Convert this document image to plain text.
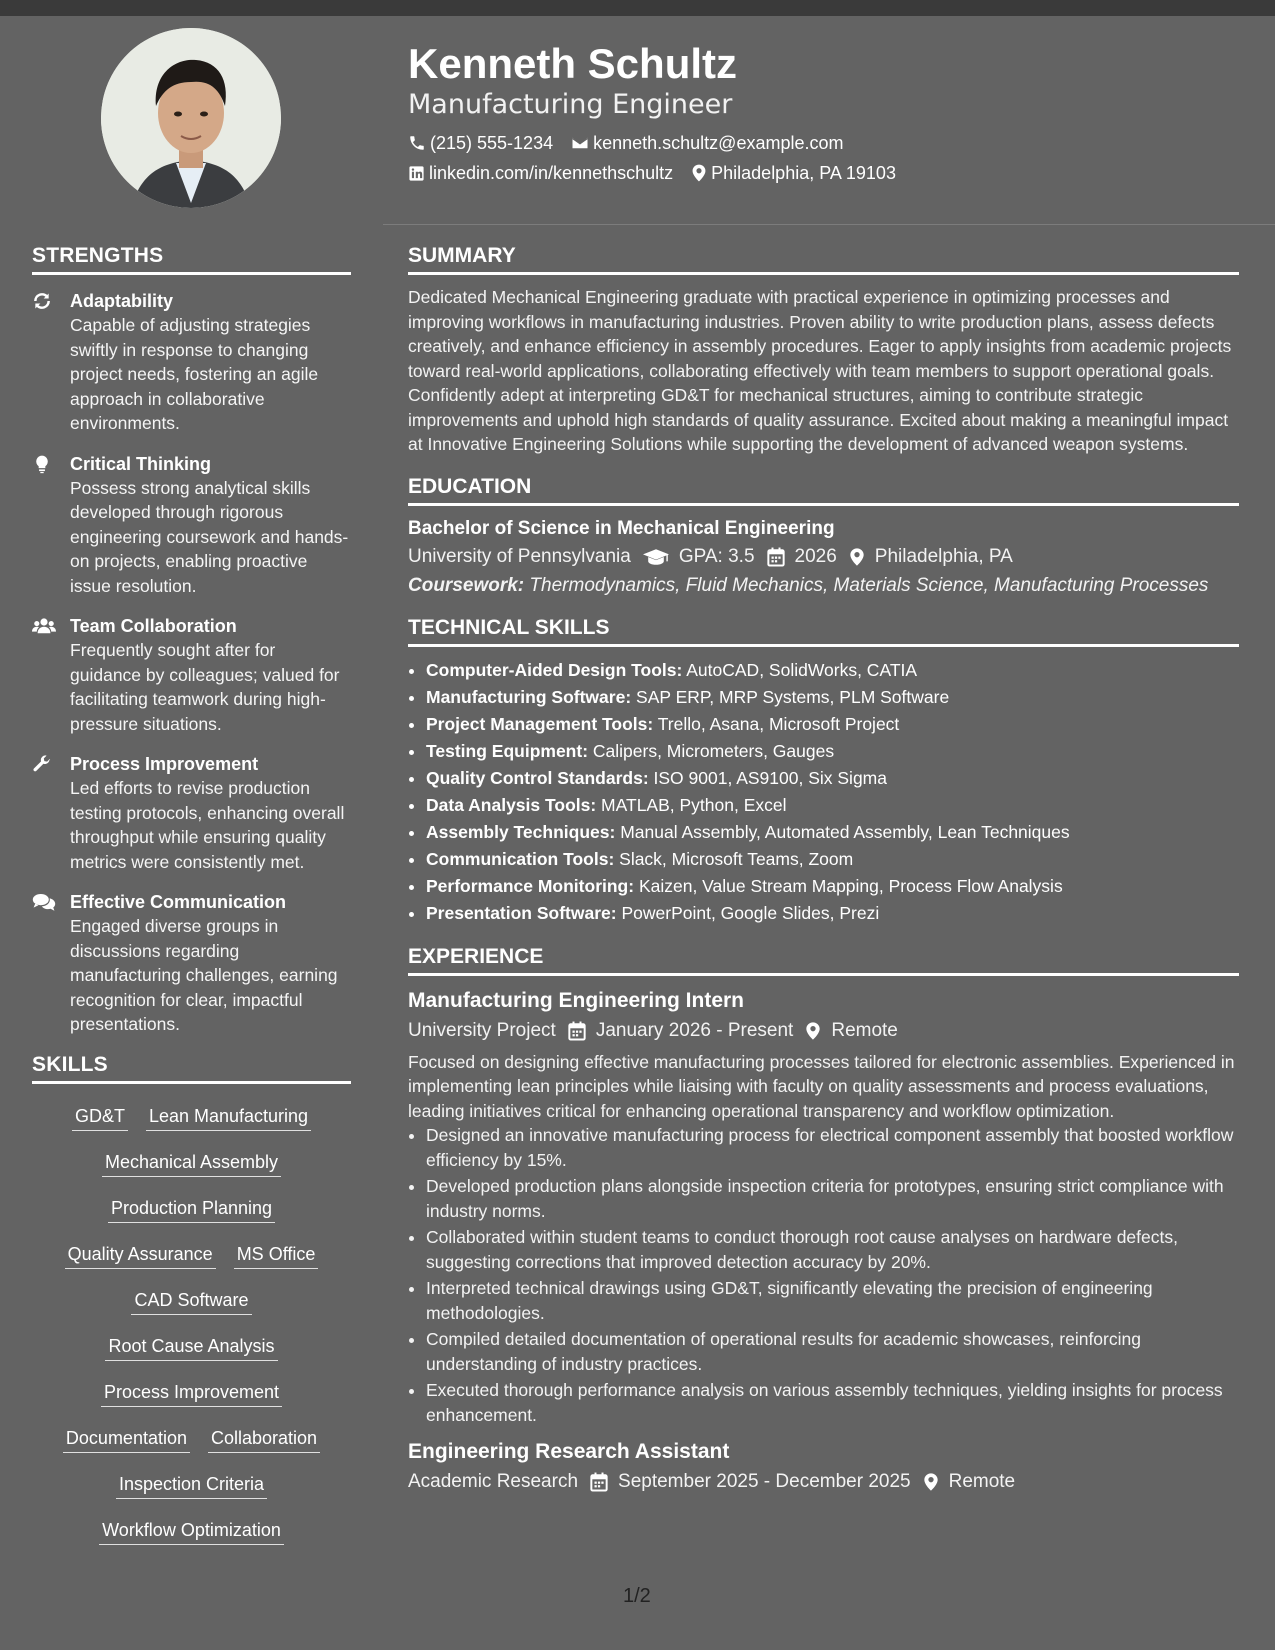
Kenneth Schultz
Manufacturing Engineer
(215) 555-1234 kenneth.schultz@example.com
linkedin.com/in/kennethschultz Philadelphia, PA 19103
STRENGTHS
Adaptability
Capable of adjusting strategies swiftly in response to changing project needs, fostering an agile approach in collaborative environments.
Critical Thinking
Possess strong analytical skills developed through rigorous engineering coursework and hands-on projects, enabling proactive issue resolution.
Team Collaboration
Frequently sought after for guidance by colleagues; valued for facilitating teamwork during high-pressure situations.
Process Improvement
Led efforts to revise production testing protocols, enhancing overall throughput while ensuring quality metrics were consistently met.
Effective Communication
Engaged diverse groups in discussions regarding manufacturing challenges, earning recognition for clear, impactful presentations.
SKILLS
GD&T Lean Manufacturing
Mechanical Assembly
Production Planning
Quality Assurance MS Office
CAD Software
Root Cause Analysis
Process Improvement
Documentation Collaboration
Inspection Criteria
Workflow Optimization
SUMMARY

Dedicated Mechanical Engineering graduate with practical experience in optimizing processes and improving workflows in manufacturing industries. Proven ability to write production plans, assess defects creatively, and enhance efficiency in assembly procedures. Eager to apply insights from academic projects toward real-world applications, collaborating effectively with team members to support operational goals. Confidently adept at interpreting GD&T for mechanical structures, aiming to contribute strategic improvements and uphold high standards of quality assurance. Excited about making a meaningful impact at Innovative Engineering Solutions while supporting the development of advanced weapon systems.

EDUCATION
Bachelor of Science in Mechanical Engineering
University of Pennsylvania	GPA: 3.5 2026 Philadelphia, PA
Coursework: Thermodynamics, Fluid Mechanics, Materials Science, Manufacturing Processes
TECHNICAL SKILLS
• Computer-Aided Design Tools: AutoCAD, SolidWorks, CATIA
• Manufacturing Software: SAP ERP, MRP Systems, PLM Software
• Project Management Tools: Trello, Asana, Microsoft Project
• Testing Equipment: Calipers, Micrometers, Gauges
• Quality Control Standards: ISO 9001, AS9100, Six Sigma
• Data Analysis Tools: MATLAB, Python, Excel
• Assembly Techniques: Manual Assembly, Automated Assembly, Lean Techniques
• Communication Tools: Slack, Microsoft Teams, Zoom
• Performance Monitoring: Kaizen, Value Stream Mapping, Process Flow Analysis
• Presentation Software: PowerPoint, Google Slides, Prezi
EXPERIENCE
Manufacturing Engineering Intern
University Project January 2026 - Present Remote

Focused on designing effective manufacturing processes tailored for electronic assemblies. Experienced in implementing lean principles while liaising with faculty on quality assessments and process evaluations, leading initiatives critical for enhancing operational transparency and workflow optimization.

• Designed an innovative manufacturing process for electrical component assembly that boosted workflow efficiency by 15%.
• Developed production plans alongside inspection criteria for prototypes, ensuring strict compliance with industry norms.
• Collaborated within student teams to conduct thorough root cause analyses on hardware defects, suggesting corrections that improved detection accuracy by 20%.
• Interpreted technical drawings using GD&T, significantly elevating the precision of engineering methodologies.
• Compiled detailed documentation of operational results for academic showcases, reinforcing understanding of industry practices.
• Executed thorough performance analysis on various assembly techniques, yielding insights for process enhancement.
Engineering Research Assistant
Academic Research September 2025 - December 2025 Remote
1/2
